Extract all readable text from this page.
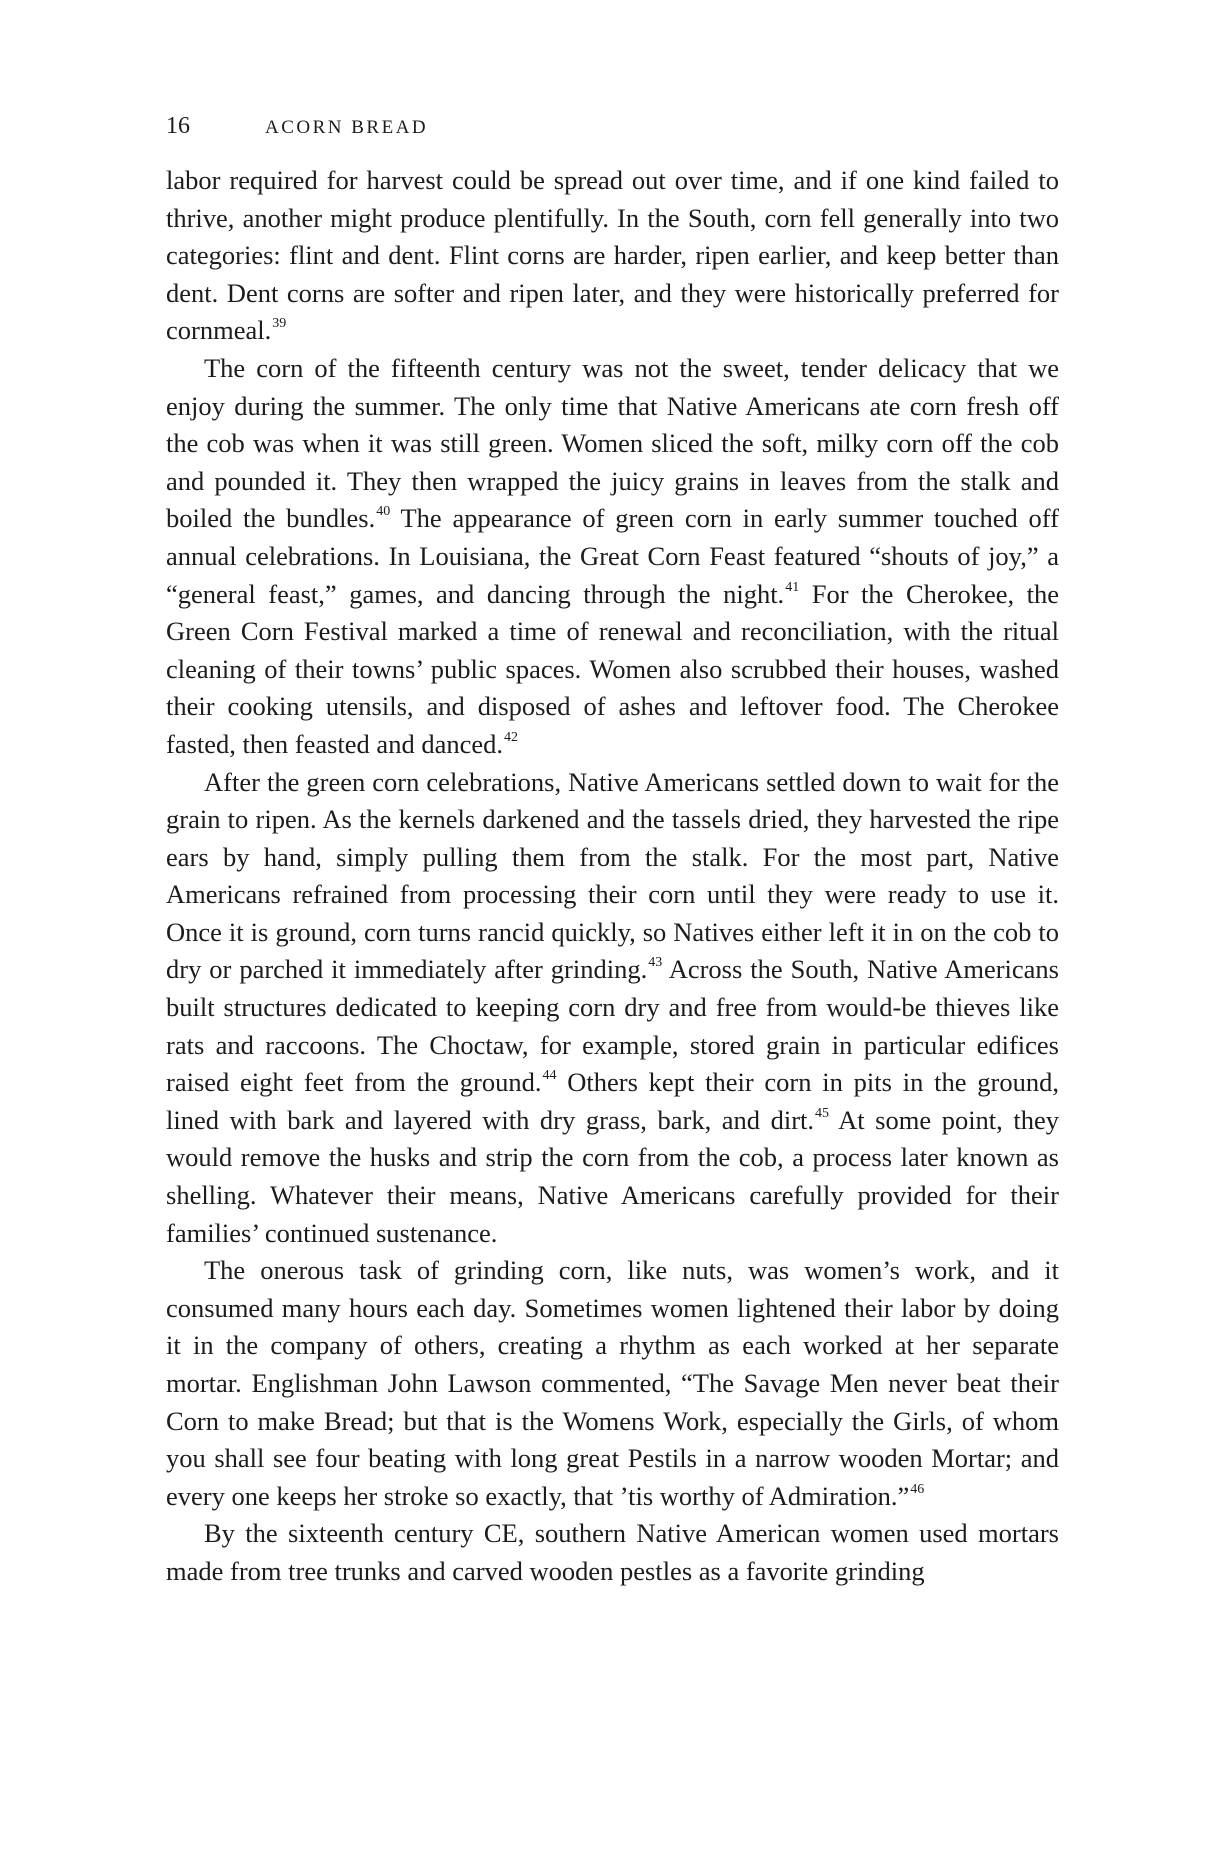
16	ACORN BREAD

labor required for harvest could be spread out over time, and if one kind failed to thrive, another might produce plentifully. In the South, corn fell generally into two categories: flint and dent. Flint corns are harder, ripen earlier, and keep better than dent. Dent corns are softer and ripen later, and they were historically preferred for cornmeal.$^{39}$

The corn of the fifteenth century was not the sweet, tender delicacy that we enjoy during the summer. The only time that Native Americans ate corn fresh off the cob was when it was still green. Women sliced the soft, milky corn off the cob and pounded it. They then wrapped the juicy grains in leaves from the stalk and boiled the bundles.$^{40}$ The appearance of green corn in early summer touched off annual celebrations. In Louisiana, the Great Corn Feast featured “shouts of joy,” a “general feast,” games, and dancing through the night.$^{41}$ For the Cherokee, the Green Corn Festival marked a time of renewal and reconciliation, with the ritual cleaning of their towns’ public spaces. Women also scrubbed their houses, washed their cooking utensils, and disposed of ashes and leftover food. The Cherokee fasted, then feasted and danced.$^{42}$

After the green corn celebrations, Native Americans settled down to wait for the grain to ripen. As the kernels darkened and the tassels dried, they harvested the ripe ears by hand, simply pulling them from the stalk. For the most part, Native Americans refrained from processing their corn until they were ready to use it. Once it is ground, corn turns rancid quickly, so Natives either left it in on the cob to dry or parched it immediately after grinding.$^{43}$ Across the South, Native Americans built structures dedicated to keeping corn dry and free from would-be thieves like rats and raccoons. The Choctaw, for example, stored grain in particular edifices raised eight feet from the ground.$^{44}$ Others kept their corn in pits in the ground, lined with bark and layered with dry grass, bark, and dirt.$^{45}$ At some point, they would remove the husks and strip the corn from the cob, a process later known as shelling. Whatever their means, Native Americans carefully provided for their families’ continued sustenance.

The onerous task of grinding corn, like nuts, was women’s work, and it consumed many hours each day. Sometimes women lightened their labor by doing it in the company of others, creating a rhythm as each worked at her separate mortar. Englishman John Lawson commented, “The Savage Men never beat their Corn to make Bread; but that is the Womens Work, especially the Girls, of whom you shall see four beating with long great Pestils in a narrow wooden Mortar; and every one keeps her stroke so exactly, that ’tis worthy of Admiration.”$^{46}$

By the sixteenth century CE, southern Native American women used mortars made from tree trunks and carved wooden pestles as a favorite grinding
